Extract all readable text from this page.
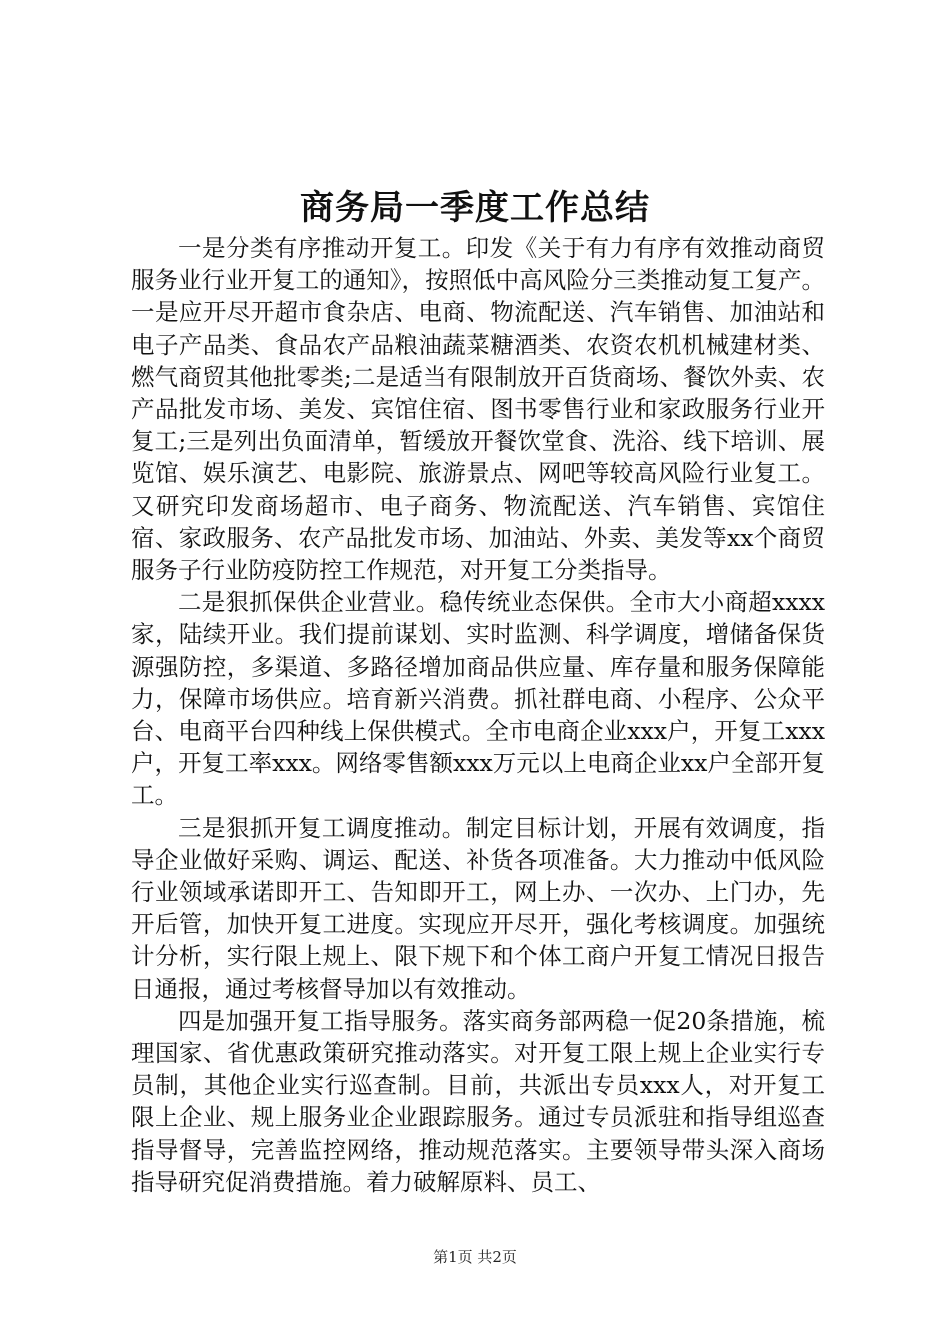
商务局一季度工作总结

一是分类有序推动开复工。印发《关于有力有序有效推动商贸服务业行业开复工的通知》，按照低中高风险分三类推动复工复产。一是应开尽开超市食杂店、电商、物流配送、汽车销售、加油站和电子产品类、食品农产品粮油蔬菜糖酒类、农资农机机械建材类、燃气商贸其他批零类;二是适当有限制放开百货商场、餐饮外卖、农产品批发市场、美发、宾馆住宿、图书零售行业和家政服务行业开复工;三是列出负面清单，暂缓放开餐饮堂食、洗浴、线下培训、展览馆、娱乐演艺、电影院、旅游景点、网吧等较高风险行业复工。又研究印发商场超市、电子商务、物流配送、汽车销售、宾馆住宿、家政服务、农产品批发市场、加油站、外卖、美发等xx个商贸服务子行业防疫防控工作规范，对开复工分类指导。

二是狠抓保供企业营业。稳传统业态保供。全市大小商超xxxx家，陆续开业。我们提前谋划、实时监测、科学调度，增储备保货源强防控，多渠道、多路径增加商品供应量、库存量和服务保障能力，保障市场供应。培育新兴消费。抓社群电商、小程序、公众平台、电商平台四种线上保供模式。全市电商企业xxx户，开复工xxx户，开复工率xxx。网络零售额xxx万元以上电商企业xx户全部开复工。

三是狠抓开复工调度推动。制定目标计划，开展有效调度，指导企业做好采购、调运、配送、补货各项准备。大力推动中低风险行业领域承诺即开工、告知即开工，网上办、一次办、上门办，先开后管，加快开复工进度。实现应开尽开，强化考核调度。加强统计分析，实行限上规上、限下规下和个体工商户开复工情况日报告日通报，通过考核督导加以有效推动。

四是加强开复工指导服务。落实商务部两稳一促20条措施，梳理国家、省优惠政策研究推动落实。对开复工限上规上企业实行专员制，其他企业实行巡查制。目前，共派出专员xxx人，对开复工限上企业、规上服务业企业跟踪服务。通过专员派驻和指导组巡查指导督导，完善监控网络，推动规范落实。主要领导带头深入商场指导研究促消费措施。着力破解原料、员工、

第1页 共2页
